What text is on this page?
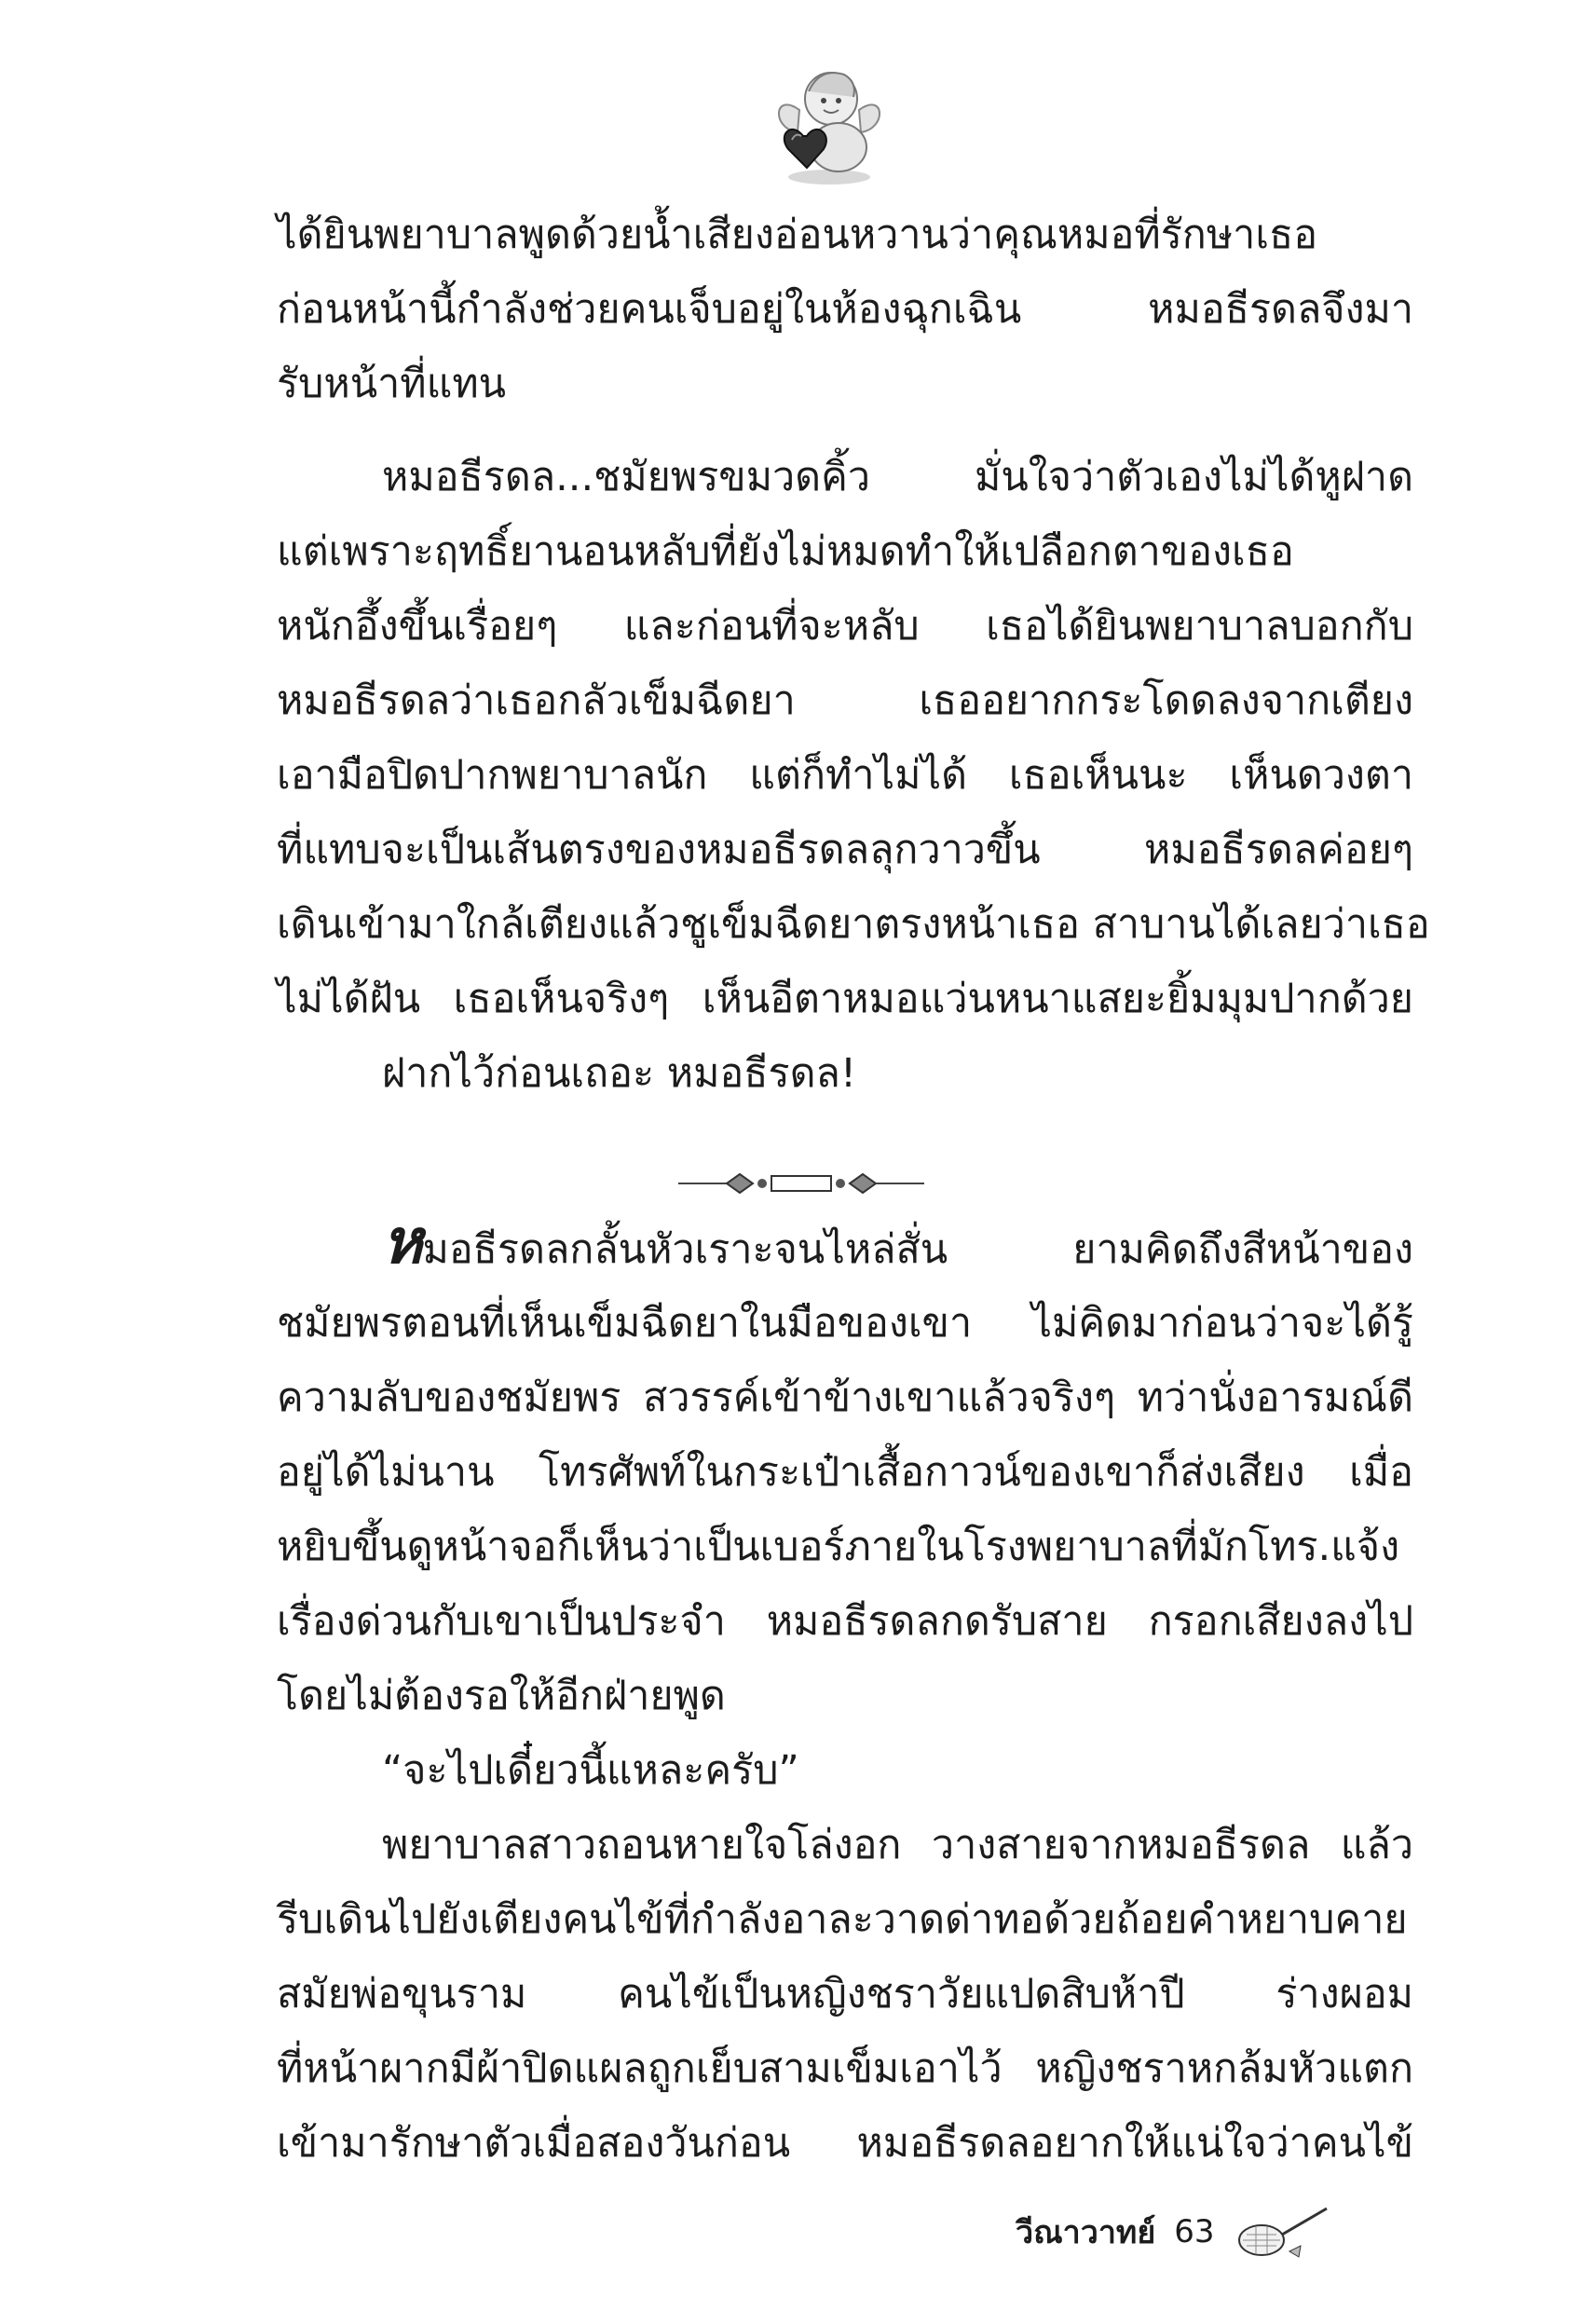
ได้ยินพยาบาลพูดด้วยน้ำเสียงอ่อนหวานว่าคุณหมอที่รักษาเธอ
ก่อนหน้านี้กำลังช่วยคนเจ็บอยู่ในห้องฉุกเฉิน หมอธีรดลจึงมา
รับหน้าที่แทน
หมอธีรดล...ชมัยพรขมวดคิ้ว มั่นใจว่าตัวเองไม่ได้หูฝาด
แต่เพราะฤทธิ์ยานอนหลับที่ยังไม่หมดทำให้เปลือกตาของเธอ
หนักอึ้งขึ้นเรื่อยๆ และก่อนที่จะหลับ เธอได้ยินพยาบาลบอกกับ
หมอธีรดลว่าเธอกลัวเข็มฉีดยา เธออยากกระโดดลงจากเตียง
เอามือปิดปากพยาบาลนัก แต่ก็ทำไม่ได้ เธอเห็นนะ เห็นดวงตา
ที่แทบจะเป็นเส้นตรงของหมอธีรดลลุกวาวขึ้น หมอธีรดลค่อยๆ
เดินเข้ามาใกล้เตียงแล้วชูเข็มฉีดยาตรงหน้าเธอ สาบานได้เลยว่าเธอ
ไม่ได้ฝัน เธอเห็นจริงๆ เห็นอีตาหมอแว่นหนาแสยะยิ้มมุมปากด้วย
ฝากไว้ก่อนเถอะ หมอธีรดล!
หมอธีรดลกลั้นหัวเราะจนไหล่สั่น ยามคิดถึงสีหน้าของ
ชมัยพรตอนที่เห็นเข็มฉีดยาในมือของเขา ไม่คิดมาก่อนว่าจะได้รู้
ความลับของชมัยพร สวรรค์เข้าข้างเขาแล้วจริงๆ ทว่านั่งอารมณ์ดี
อยู่ได้ไม่นาน โทรศัพท์ในกระเป๋าเสื้อกาวน์ของเขาก็ส่งเสียง เมื่อ
หยิบขึ้นดูหน้าจอก็เห็นว่าเป็นเบอร์ภายในโรงพยาบาลที่มักโทร.แจ้ง
เรื่องด่วนกับเขาเป็นประจำ หมอธีรดลกดรับสาย กรอกเสียงลงไป
โดยไม่ต้องรอให้อีกฝ่ายพูด
“จะไปเดี๋ยวนี้แหละครับ”
พยาบาลสาวถอนหายใจโล่งอก วางสายจากหมอธีรดล แล้ว
รีบเดินไปยังเตียงคนไข้ที่กำลังอาละวาดด่าทอด้วยถ้อยคำหยาบคาย
สมัยพ่อขุนราม คนไข้เป็นหญิงชราวัยแปดสิบห้าปี ร่างผอม
ที่หน้าผากมีผ้าปิดแผลถูกเย็บสามเข็มเอาไว้ หญิงชราหกล้มหัวแตก
เข้ามารักษาตัวเมื่อสองวันก่อน หมอธีรดลอยากให้แน่ใจว่าคนไข้
วีณาวาทย์ 63
